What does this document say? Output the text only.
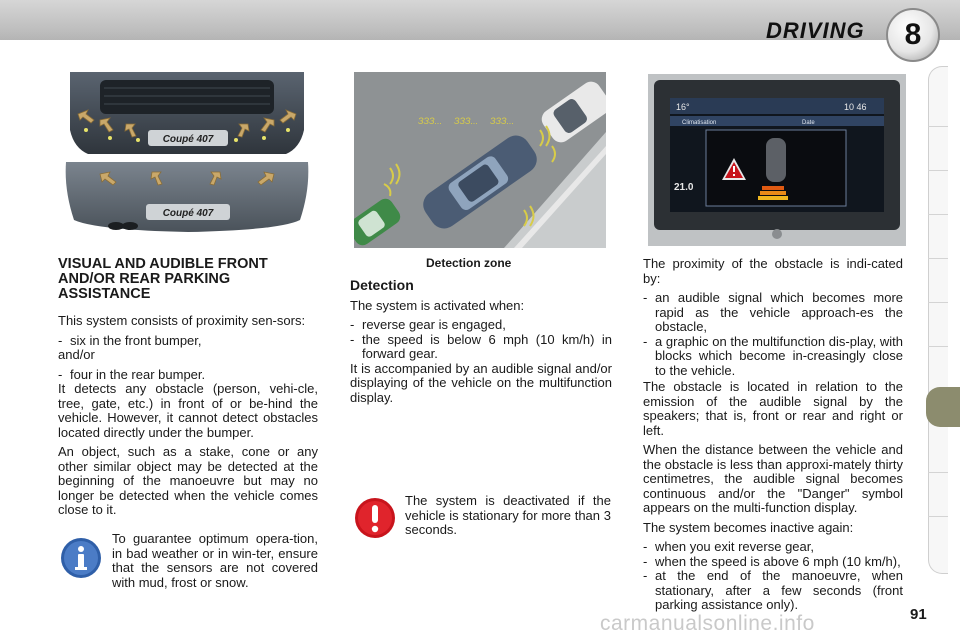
DRIVING	8
Coupé 407
Coupé 407
ЗЗЗ... ЗЗЗ... ЗЗЗ...
16°	10 46
Climatisation	Date
21.0
Detection zone
VISUAL AND AUDIBLE FRONT AND/OR REAR PARKING ASSISTANCE

This system consists of proximity sen-sors:

- six in the front bumper,
and/or
- four in the rear bumper.

It detects any obstacle (person, vehi-cle, tree, gate, etc.) in front of or be-hind the vehicle. However, it cannot detect obstacles located directly under the bumper.

An object, such as a stake, cone or any other similar object may be detected at the beginning of the manoeuvre but may no longer be detected when the vehicle comes close to it.

To guarantee optimum opera-tion, in bad weather or in win-ter, ensure that the sensors are not covered with mud, frost or snow.

Detection

The system is activated when:

- reverse gear is engaged,
- the speed is below 6 mph (10 km/h) in forward gear.

It is accompanied by an audible signal and/or displaying of the vehicle on the multifunction display.

The system is deactivated if the vehicle is stationary for more than 3 seconds.

The proximity of the obstacle is indi-cated by:

- an audible signal which becomes more rapid as the vehicle approach-es the obstacle,
- a graphic on the multifunction dis-play, with blocks which become in-creasingly close to the vehicle.

The obstacle is located in relation to the emission of the audible signal by the speakers; that is, front or rear and right or left.

When the distance between the vehicle and the obstacle is less than approxi-mately thirty centimetres, the audible signal becomes continuous and/or the "Danger" symbol appears on the multi-function display.

The system becomes inactive again:

- when you exit reverse gear,
- when the speed is above 6 mph (10 km/h),
- at the end of the manoeuvre, when stationary, after a few seconds (front parking assistance only).
carmanualsonline.info	91
